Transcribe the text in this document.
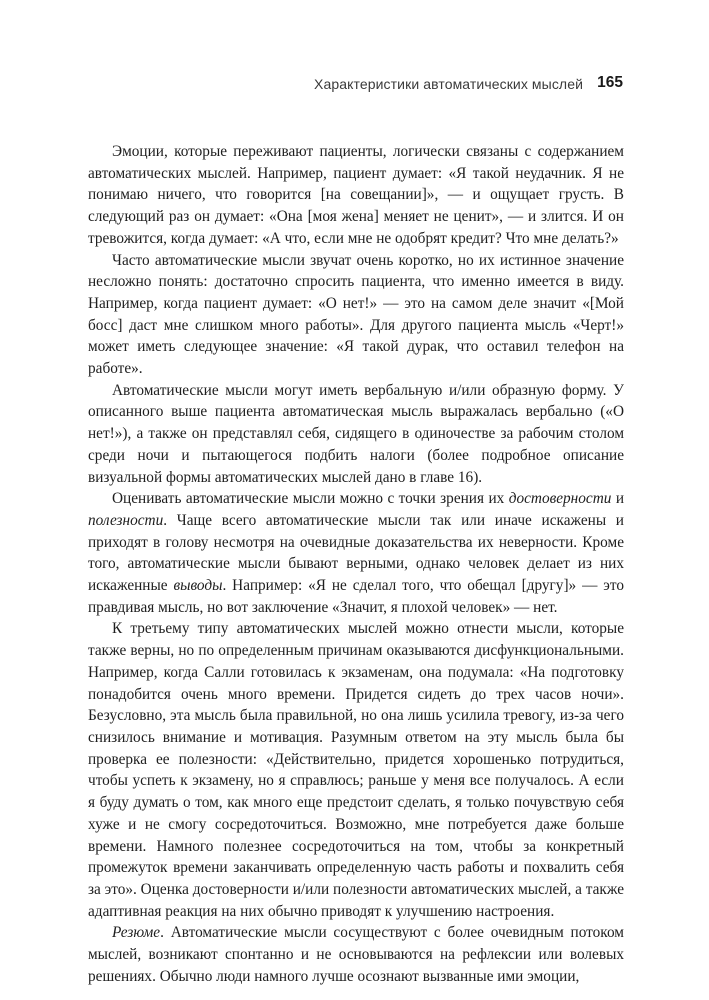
Характеристики автоматических мыслей 165

Эмоции, которые переживают пациенты, логически связаны с содержанием автоматических мыслей. Например, пациент думает: «Я такой неудачник. Я не понимаю ничего, что говорится [на совещании]», — и ощущает грусть. В следующий раз он думает: «Она [моя жена] меняет не ценит», — и злится. И он тревожится, когда думает: «А что, если мне не одобрят кредит? Что мне делать?»

Часто автоматические мысли звучат очень коротко, но их истинное значение несложно понять: достаточно спросить пациента, что именно имеется в виду. Например, когда пациент думает: «О нет!» — это на самом деле значит «[Мой босс] даст мне слишком много работы». Для другого пациента мысль «Черт!» может иметь следующее значение: «Я такой дурак, что оставил телефон на работе».

Автоматические мысли могут иметь вербальную и/или образную форму. У описанного выше пациента автоматическая мысль выражалась вербально («О нет!»), а также он представлял себя, сидящего в одиночестве за рабочим столом среди ночи и пытающегося подбить налоги (более подробное описание визуальной формы автоматических мыслей дано в главе 16).

Оценивать автоматические мысли можно с точки зрения их достоверности и полезности. Чаще всего автоматические мысли так или иначе искажены и приходят в голову несмотря на очевидные доказательства их неверности. Кроме того, автоматические мысли бывают верными, однако человек делает из них искаженные выводы. Например: «Я не сделал того, что обещал [другу]» — это правдивая мысль, но вот заключение «Значит, я плохой человек» — нет.

К третьему типу автоматических мыслей можно отнести мысли, которые также верны, но по определенным причинам оказываются дисфункциональными. Например, когда Салли готовилась к экзаменам, она подумала: «На подготовку понадобится очень много времени. Придется сидеть до трех часов ночи». Безусловно, эта мысль была правильной, но она лишь усилила тревогу, из-за чего снизилось внимание и мотивация. Разумным ответом на эту мысль была бы проверка ее полезности: «Действительно, придется хорошенько потрудиться, чтобы успеть к экзамену, но я справлюсь; раньше у меня все получалось. А если я буду думать о том, как много еще предстоит сделать, я только почувствую себя хуже и не смогу сосредоточиться. Возможно, мне потребуется даже больше времени. Намного полезнее сосредоточиться на том, чтобы за конкретный промежуток времени заканчивать определенную часть работы и похвалить себя за это». Оценка достоверности и/или полезности автоматических мыслей, а также адаптивная реакция на них обычно приводят к улучшению настроения.

Резюме. Автоматические мысли сосуществуют с более очевидным потоком мыслей, возникают спонтанно и не основываются на рефлексии или волевых решениях. Обычно люди намного лучше осознают вызванные ими эмоции,
